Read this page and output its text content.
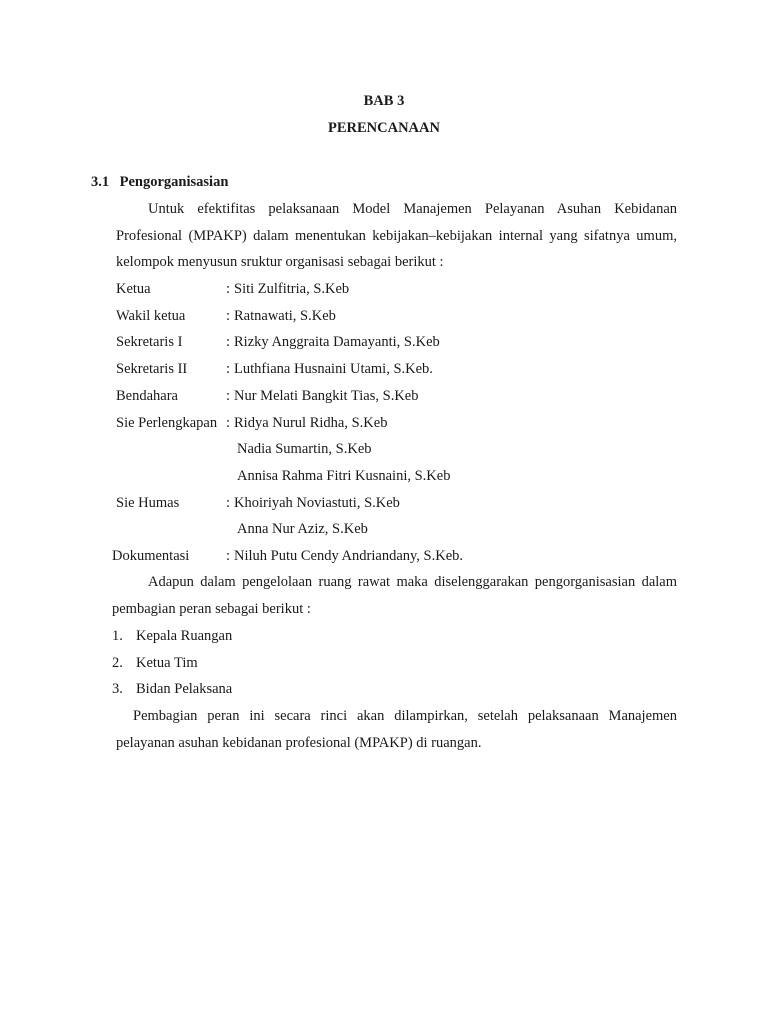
BAB 3
PERENCANAAN
3.1 Pengorganisasian
Untuk efektifitas pelaksanaan Model Manajemen Pelayanan Asuhan Kebidanan
Profesional (MPAKP) dalam menentukan kebijakan–kebijakan internal yang sifatnya umum,
kelompok menyusun sruktur organisasi sebagai berikut :
Ketua	: Siti Zulfitria, S.Keb
Wakil ketua	: Ratnawati, S.Keb
Sekretaris I	: Rizky Anggraita Damayanti, S.Keb
Sekretaris II	: Luthfiana Husnaini Utami, S.Keb.
Bendahara	: Nur Melati Bangkit Tias, S.Keb
Sie Perlengkapan : Ridya Nurul Ridha, S.Keb
Nadia Sumartin, S.Keb
Annisa Rahma Fitri Kusnaini, S.Keb
Sie Humas	: Khoiriyah Noviastuti, S.Keb
Anna Nur Aziz, S.Keb
Dokumentasi	: Niluh Putu Cendy Andriandany, S.Keb.
Adapun dalam pengelolaan ruang rawat maka diselenggarakan pengorganisasian dalam
pembagian peran sebagai berikut :
1. Kepala Ruangan
2. Ketua Tim
3. Bidan Pelaksana
Pembagian peran ini secara rinci akan dilampirkan, setelah pelaksanaan Manajemen
pelayanan asuhan kebidanan profesional (MPAKP) di ruangan.
